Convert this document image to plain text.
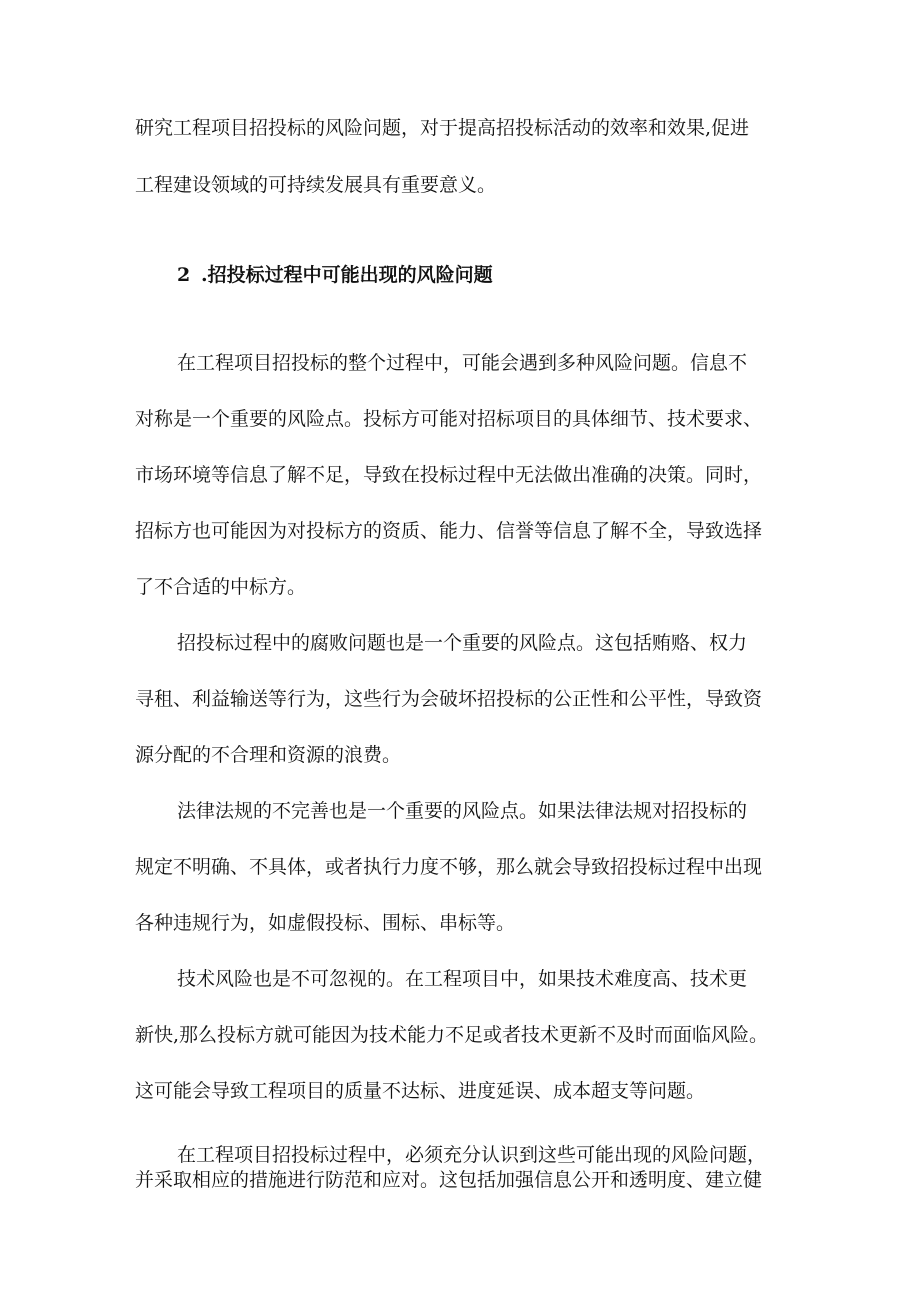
研究工程项目招投标的风险问题，对于提高招投标活动的效率和效果,促进
工程建设领域的可持续发展具有重要意义。
2 .招投标过程中可能出现的风险问题
在工程项目招投标的整个过程中，可能会遇到多种风险问题。信息不
对称是一个重要的风险点。投标方可能对招标项目的具体细节、技术要求、
市场环境等信息了解不足，导致在投标过程中无法做出准确的决策。同时，
招标方也可能因为对投标方的资质、能力、信誉等信息了解不全，导致选择
了不合适的中标方。
招投标过程中的腐败问题也是一个重要的风险点。这包括贿赂、权力
寻租、利益输送等行为，这些行为会破坏招投标的公正性和公平性，导致资
源分配的不合理和资源的浪费。
法律法规的不完善也是一个重要的风险点。如果法律法规对招投标的
规定不明确、不具体，或者执行力度不够，那么就会导致招投标过程中出现
各种违规行为，如虚假投标、围标、串标等。
技术风险也是不可忽视的。在工程项目中，如果技术难度高、技术更
新快,那么投标方就可能因为技术能力不足或者技术更新不及时而面临风险。
这可能会导致工程项目的质量不达标、进度延误、成本超支等问题。
在工程项目招投标过程中，必须充分认识到这些可能出现的风险问题，
并采取相应的措施进行防范和应对。这包括加强信息公开和透明度、建立健
